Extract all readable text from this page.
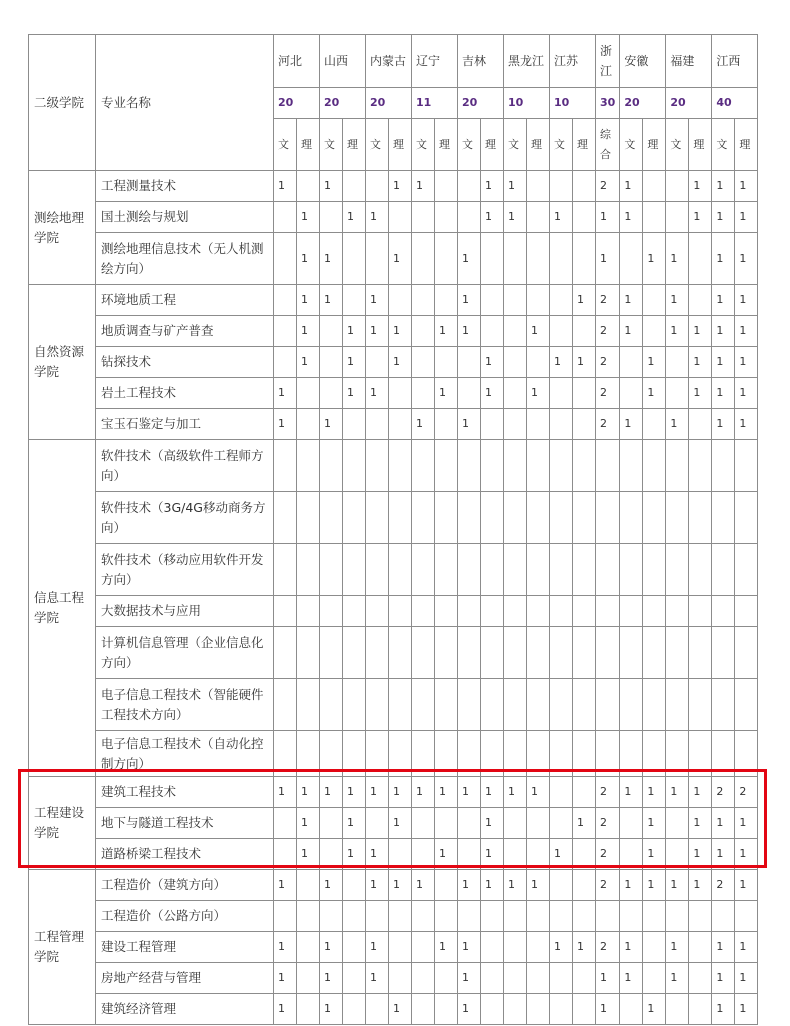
二级学院	专业名称	河北		山西		内蒙古		辽宁		吉林		黑龙江		江苏		浙江	安徽		福建		江西	
		20		20		20		11		20		10		10		30	20		20		40	
		文	理	文	理	文	理	文	理	文	理	文	理	文	理	综合	文	理	文	理	文	理
测绘地理学院	工程测量技术	1		1			1	1			1	1				2	1			1	1	1
	国土测绘与规划		1		1	1					1	1		1		1	1			1	1	1
	测绘地理信息技术（无人机测绘方向）		1	1			1			1						1		1	1		1	1
自然资源学院	环境地质工程		1	1		1				1					1	2	1		1		1	1
	地质调查与矿产普查		1		1	1	1		1	1			1			2	1		1	1	1	1
	钻探技术		1		1		1				1			1	1	2		1		1	1	1
	岩土工程技术	1			1	1			1		1		1			2		1		1	1	1
	宝玉石鉴定与加工	1		1				1		1						2	1		1		1	1
信息工程学院	软件技术（高级软件工程师方向）																					
	软件技术（3G/4G移动商务方向）																					
	软件技术（移动应用软件开发方向）																					
	大数据技术与应用																					
	计算机信息管理（企业信息化方向）																					
	电子信息工程技术（智能硬件工程技术方向）																					
	电子信息工程技术（自动化控制方向）																					
工程建设学院	建筑工程技术	1	1	1	1	1	1	1	1	1	1	1	1			2	1	1	1	1	2	2
	地下与隧道工程技术		1		1		1				1				1	2		1		1	1	1
	道路桥梁工程技术		1		1	1			1		1			1		2		1		1	1	1
工程管理学院	工程造价（建筑方向）	1		1		1	1	1		1	1	1	1			2	1	1	1	1	2	1
	工程造价（公路方向）																					
	建设工程管理	1		1		1			1	1				1	1	2	1		1		1	1
	房地产经营与管理	1		1		1				1						1	1		1		1	1
	建筑经济管理	1		1			1			1						1		1			1	1
